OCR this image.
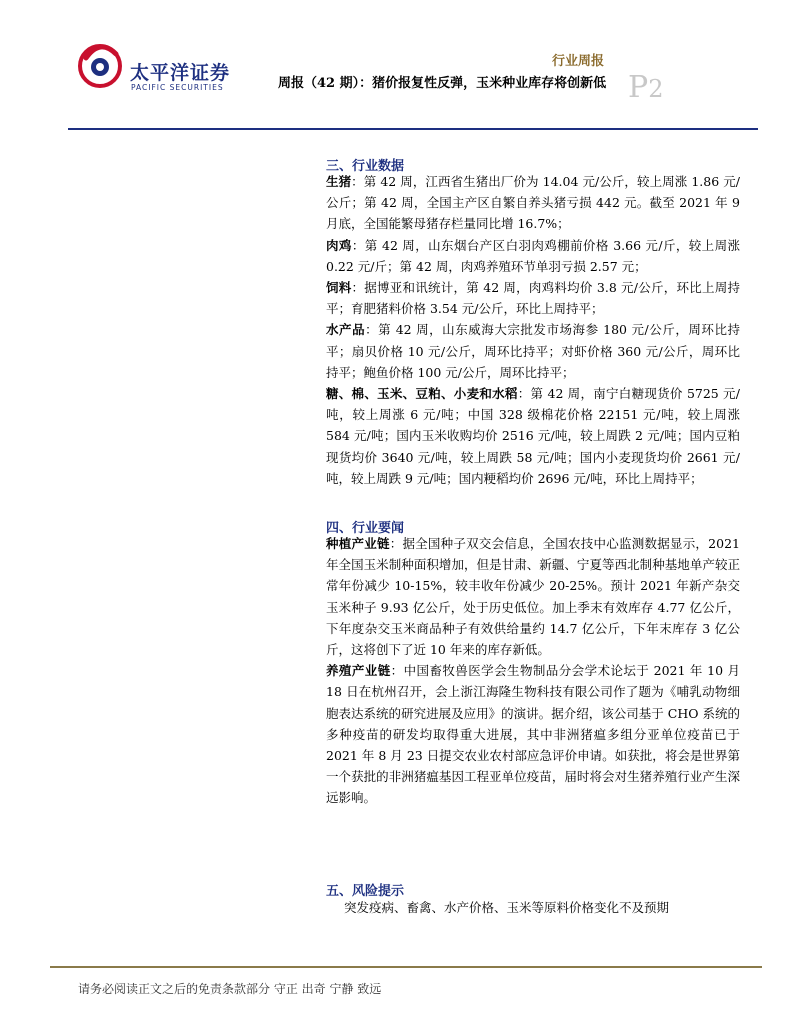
太平洋证券
PACIFIC SECURITIES
行业周报
周报（42 期）：猪价报复性反弹，玉米种业库存将创新低 P2
三、行业数据

生猪：第 42 周，江西省生猪出厂价为 14.04 元/公斤，较上周涨 1.86 元/公斤；第 42 周，全国主产区自繁自养头猪亏损 442 元。截至 2021 年 9 月底，全国能繁母猪存栏量同比增 16.7%；

肉鸡：第 42 周，山东烟台产区白羽肉鸡棚前价格 3.66 元/斤，较上周涨 0.22 元/斤；第 42 周，肉鸡养殖环节单羽亏损 2.57 元；

饲料：据博亚和讯统计，第 42 周，肉鸡料均价 3.8 元/公斤，环比上周持平；育肥猪料价格 3.54 元/公斤，环比上周持平；

水产品：第 42 周，山东威海大宗批发市场海参 180 元/公斤，周环比持平；扇贝价格 10 元/公斤，周环比持平；对虾价格 360 元/公斤，周环比持平；鲍鱼价格 100 元/公斤，周环比持平；

糖、棉、玉米、豆粕、小麦和水稻：第 42 周，南宁白糖现货价 5725 元/吨，较上周涨 6 元/吨；中国 328 级棉花价格 22151 元/吨，较上周涨 584 元/吨；国内玉米收购均价 2516 元/吨，较上周跌 2 元/吨；国内豆粕现货均价 3640 元/吨，较上周跌 58 元/吨；国内小麦现货均价 2661 元/吨，较上周跌 9 元/吨；国内粳稻均价 2696 元/吨，环比上周持平；

四、行业要闻

种植产业链：据全国种子双交会信息，全国农技中心监测数据显示，2021 年全国玉米制种面积增加，但是甘肃、新疆、宁夏等西北制种基地单产较正常年份减少 10-15%，较丰收年份减少 20-25%。预计 2021 年新产杂交玉米种子 9.93 亿公斤，处于历史低位。加上季末有效库存 4.77 亿公斤，下年度杂交玉米商品种子有效供给量约 14.7 亿公斤，下年末库存 3 亿公斤，这将创下了近 10 年来的库存新低。

养殖产业链：中国畜牧兽医学会生物制品分会学术论坛于 2021 年 10 月 18 日在杭州召开，会上浙江海隆生物科技有限公司作了题为《哺乳动物细胞表达系统的研究进展及应用》的演讲。据介绍，该公司基于 CHO 系统的多种疫苗的研发均取得重大进展，其中非洲猪瘟多组分亚单位疫苗已于 2021 年 8 月 23 日提交农业农村部应急评价申请。如获批，将会是世界第一个获批的非洲猪瘟基因工程亚单位疫苗，届时将会对生猪养殖行业产生深远影响。

五、风险提示

突发疫病、畜禽、水产价格、玉米等原料价格变化不及预期

请务必阅读正文之后的免责条款部分 守正 出奇 宁静 致远
